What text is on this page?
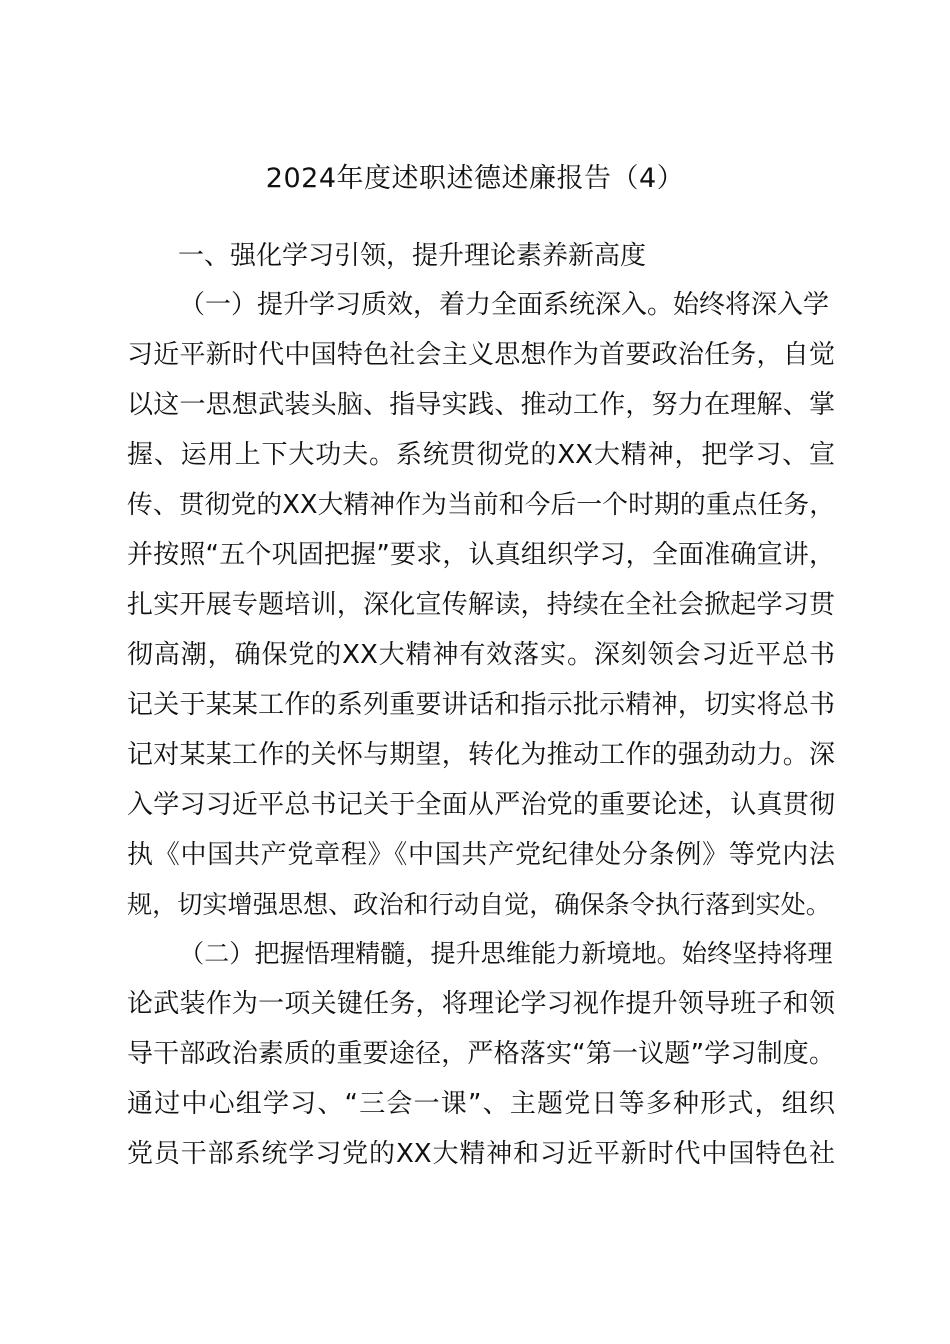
2024年度述职述德述廉报告（4）
一、强化学习引领，提升理论素养新高度
（一）提升学习质效，着力全面系统深入。始终将深入学
习近平新时代中国特色社会主义思想作为首要政治任务，自觉
以这一思想武装头脑、指导实践、推动工作，努力在理解、掌
握、运用上下大功夫。系统贯彻党的XX大精神，把学习、宣
传、贯彻党的XX大精神作为当前和今后一个时期的重点任务，
并按照“五个巩固把握”要求，认真组织学习，全面准确宣讲，
扎实开展专题培训，深化宣传解读，持续在全社会掀起学习贯
彻高潮，确保党的XX大精神有效落实。深刻领会习近平总书
记关于某某工作的系列重要讲话和指示批示精神，切实将总书
记对某某工作的关怀与期望，转化为推动工作的强劲动力。深
入学习习近平总书记关于全面从严治党的重要论述，认真贯彻
执《中国共产党章程》《中国共产党纪律处分条例》等党内法
规，切实增强思想、政治和行动自觉，确保条令执行落到实处。
（二）把握悟理精髓，提升思维能力新境地。始终坚持将理
论武装作为一项关键任务，将理论学习视作提升领导班子和领
导干部政治素质的重要途径，严格落实“第一议题”学习制度。
通过中心组学习、“三会一课”、主题党日等多种形式，组织
党员干部系统学习党的XX大精神和习近平新时代中国特色社
